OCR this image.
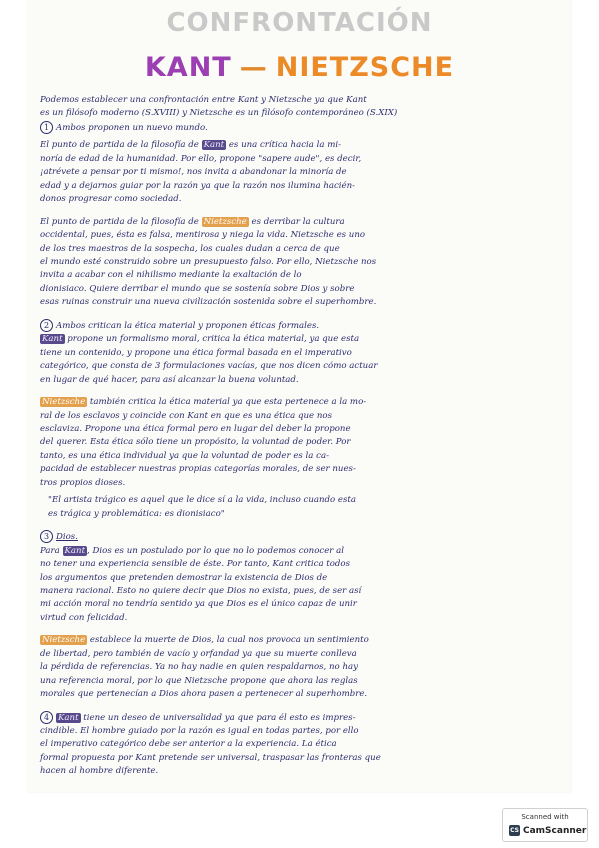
CONFRONTACIÓN
KANT — NIETZSCHE

Podemos establecer una confrontación entre Kant y Nietzsche ya que Kant

es un filósofo moderno (S.XVIII) y Nietzsche es un filósofo contemporáneo (S.XIX)

1 Ambos proponen un nuevo mundo.

El punto de partida de la filosofía de Kant es una crítica hacia la mi-

noría de edad de la humanidad. Por ello, propone "sapere aude", es decir,

¡atrévete a pensar por ti mismo!, nos invita a abandonar la minoría de

edad y a dejarnos guiar por la razón ya que la razón nos ilumina hacién-

donos progresar como sociedad.

El punto de partida de la filosofía de Nietzsche es derribar la cultura

occidental, pues, ésta es falsa, mentirosa y niega la vida. Nietzsche es uno

de los tres maestros de la sospecha, los cuales dudan a cerca de que

el mundo esté construido sobre un presupuesto falso. Por ello, Nietzsche nos

invita a acabar con el nihilismo mediante la exaltación de lo

dionisiaco. Quiere derribar el mundo que se sostenía sobre Dios y sobre

esas ruinas construir una nueva civilización sostenida sobre el superhombre.

2 Ambos critican la ética material y proponen éticas formales.

Kant propone un formalismo moral, critica la ética material, ya que esta

tiene un contenido, y propone una ética formal basada en el imperativo

categórico, que consta de 3 formulaciones vacías, que nos dicen cómo actuar

en lugar de qué hacer, para así alcanzar la buena voluntad.

Nietzsche también critica la ética material ya que esta pertenece a la mo-

ral de los esclavos y coincide con Kant en que es una ética que nos

esclaviza. Propone una ética formal pero en lugar del deber la propone

del querer. Esta ética sólo tiene un propósito, la voluntad de poder. Por

tanto, es una ética individual ya que la voluntad de poder es la ca-

pacidad de establecer nuestras propias categorías morales, de ser nues-

tros propios dioses.

"El artista trágico es aquel que le dice sí a la vida, incluso cuando esta

es trágica y problemática: es dionisiaco"

3 Dios.

Para Kant , Dios es un postulado por lo que no lo podemos conocer al

no tener una experiencia sensible de éste. Por tanto, Kant critica todos

los argumentos que pretenden demostrar la existencia de Dios de

manera racional. Esto no quiere decir que Dios no exista, pues, de ser así

mi acción moral no tendría sentido ya que Dios es el único capaz de unir

virtud con felicidad.

Nietzsche establece la muerte de Dios, la cual nos provoca un sentimiento

de libertad, pero también de vacío y orfandad ya que su muerte conlleva

la pérdida de referencias. Ya no hay nadie en quien respaldarnos, no hay

una referencia moral, por lo que Nietzsche propone que ahora las reglas

morales que pertenecían a Dios ahora pasen a pertenecer al superhombre.

4 Kant tiene un deseo de universalidad ya que para él esto es impres-

cindible. El hombre guiado por la razón es igual en todas partes, por ello

el imperativo categórico debe ser anterior a la experiencia. La ética

formal propuesta por Kant pretende ser universal, traspasar las fronteras que

hacen al hombre diferente.

Scanned with
CS CamScanner
